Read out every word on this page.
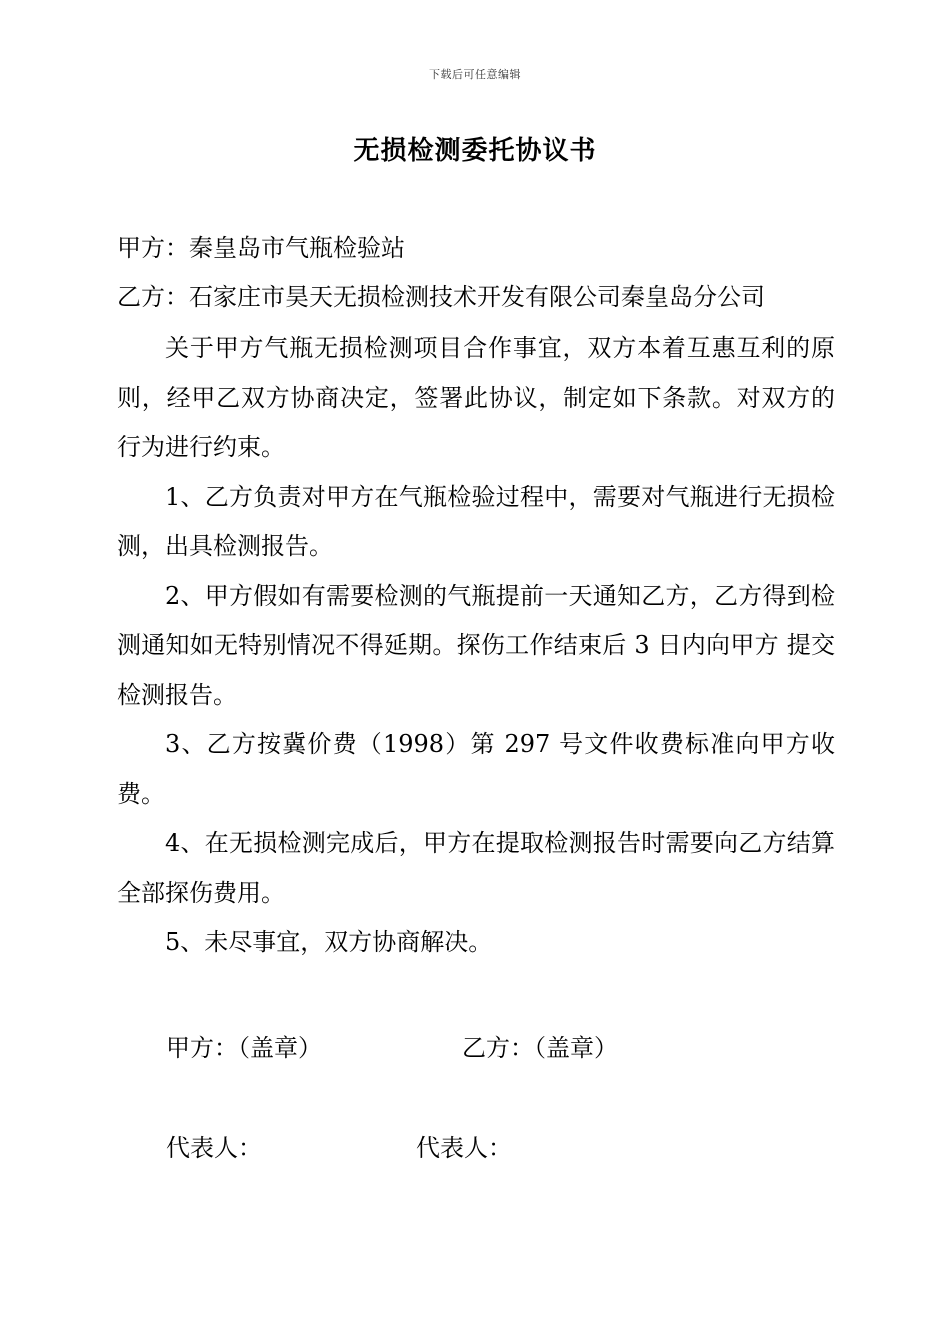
下载后可任意编辑
无损检测委托协议书
甲方：秦皇岛市气瓶检验站
乙方：石家庄市昊天无损检测技术开发有限公司秦皇岛分公司

关于甲方气瓶无损检测项目合作事宜，双方本着互惠互利的原则，经甲乙双方协商决定，签署此协议，制定如下条款。对双方的行为进行约束。

1、乙方负责对甲方在气瓶检验过程中，需要对气瓶进行无损检测，出具检测报告。

2、甲方假如有需要检测的气瓶提前一天通知乙方，乙方得到检测通知如无特别情况不得延期。探伤工作结束后 3 日内向甲方 提交检测报告。

3、乙方按冀价费（1998）第 297 号文件收费标准向甲方收费。

4、在无损检测完成后，甲方在提取检测报告时需要向乙方结算全部探伤费用。

5、未尽事宜，双方协商解决。

甲方：（盖章）	乙方：（盖章）
代表人：	代表人：
